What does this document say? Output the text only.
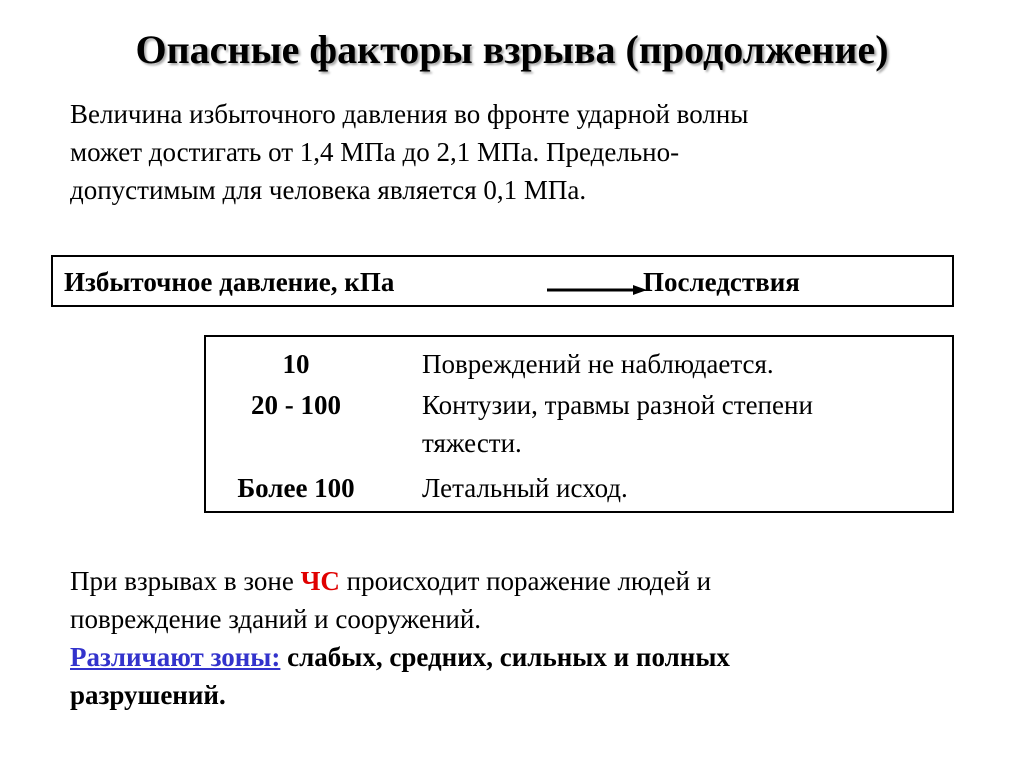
Опасные факторы взрыва (продолжение)
Величина избыточного давления во фронте ударной волны
может достигать от 1,4 МПа до 2,1 МПа. Предельно-
допустимым для человека является 0,1 МПа.
Избыточное давление, кПа	Последствия
10	Повреждений не наблюдается.
20 - 100	Контузии, травмы разной степени
тяжести.
Более 100	Летальный исход.
При взрывах в зоне ЧС происходит поражение людей и
повреждение зданий и сооружений.
Различают зоны: слабых, средних, сильных и полных
разрушений.
